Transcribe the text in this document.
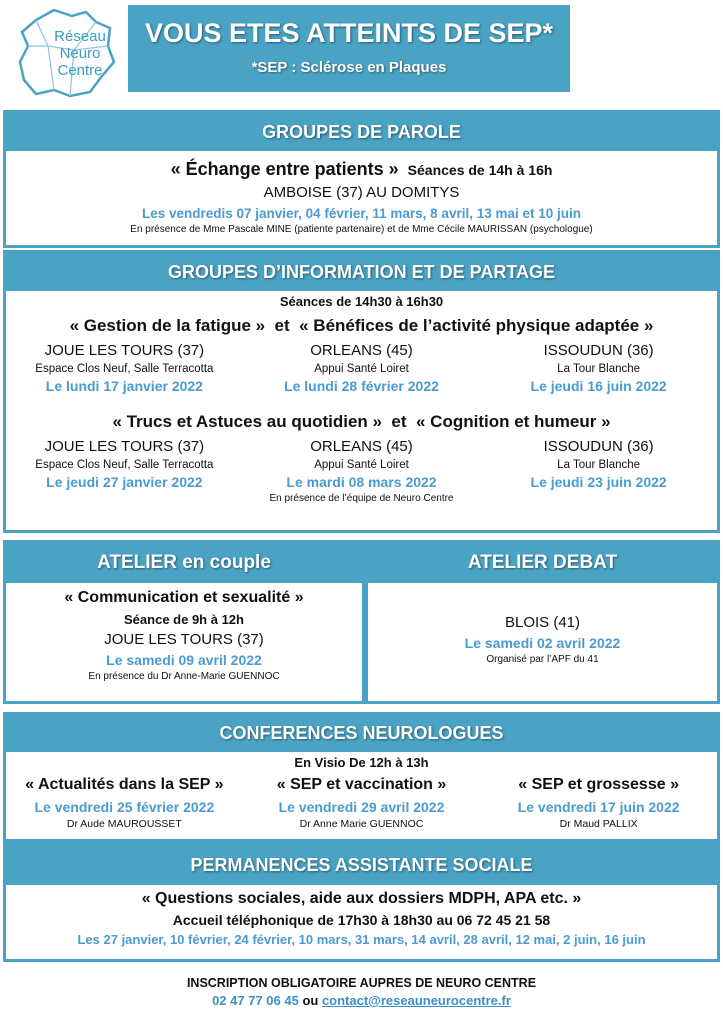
Réseau
Neuro
Centre
VOUS ETES ATTEINTS DE SEP*
*SEP : Sclérose en Plaques
GROUPES DE PAROLE
« Échange entre patients » Séances de 14h à 16h
AMBOISE (37) AU DOMITYS
Les vendredis 07 janvier, 04 février, 11 mars, 8 avril, 13 mai et 10 juin
En présence de Mme Pascale MINE (patiente partenaire) et de Mme Cécile MAURISSAN (psychologue)
GROUPES D’INFORMATION ET DE PARTAGE
Séances de 14h30 à 16h30
« Gestion de la fatigue »  et  « Bénéfices de l’activité physique adaptée »
JOUE LES TOURS (37)
Espace Clos Neuf, Salle Terracotta
Le lundi 17 janvier 2022
ORLEANS (45)
Appui Santé Loiret
Le lundi 28 février 2022
ISSOUDUN (36)
La Tour Blanche
Le jeudi 16 juin 2022
« Trucs et Astuces au quotidien »  et  « Cognition et humeur »
JOUE LES TOURS (37)
Espace Clos Neuf, Salle Terracotta
Le jeudi 27 janvier 2022
ORLEANS (45)
Appui Santé Loiret
Le mardi 08 mars 2022
ISSOUDUN (36)
La Tour Blanche
Le jeudi 23 juin 2022
En présence de l’équipe de Neuro Centre
ATELIER en couple
« Communication et sexualité »
Séance de 9h à 12h
JOUE LES TOURS (37)
Le samedi 09 avril 2022
En présence du Dr Anne-Marie GUENNOC
ATELIER DEBAT
BLOIS (41)
Le samedi 02 avril 2022
Organisé par l’APF du 41
CONFERENCES NEUROLOGUES
En Visio De 12h à 13h
« Actualités dans la SEP »
Le vendredi 25 février 2022
Dr Aude MAUROUSSET
« SEP et vaccination »
Le vendredi 29 avril 2022
Dr Anne Marie GUENNOC
« SEP et grossesse »
Le vendredi 17 juin 2022
Dr Maud PALLIX
PERMANENCES ASSISTANTE SOCIALE
« Questions sociales, aide aux dossiers MDPH, APA etc. »
Accueil téléphonique de 17h30 à 18h30 au 06 72 45 21 58
Les 27 janvier, 10 février, 24 février, 10 mars, 31 mars, 14 avril, 28 avril, 12 mai, 2 juin, 16 juin
INSCRIPTION OBLIGATOIRE AUPRES DE NEURO CENTRE
02 47 77 06 45 ou contact@reseauneurocentre.fr
